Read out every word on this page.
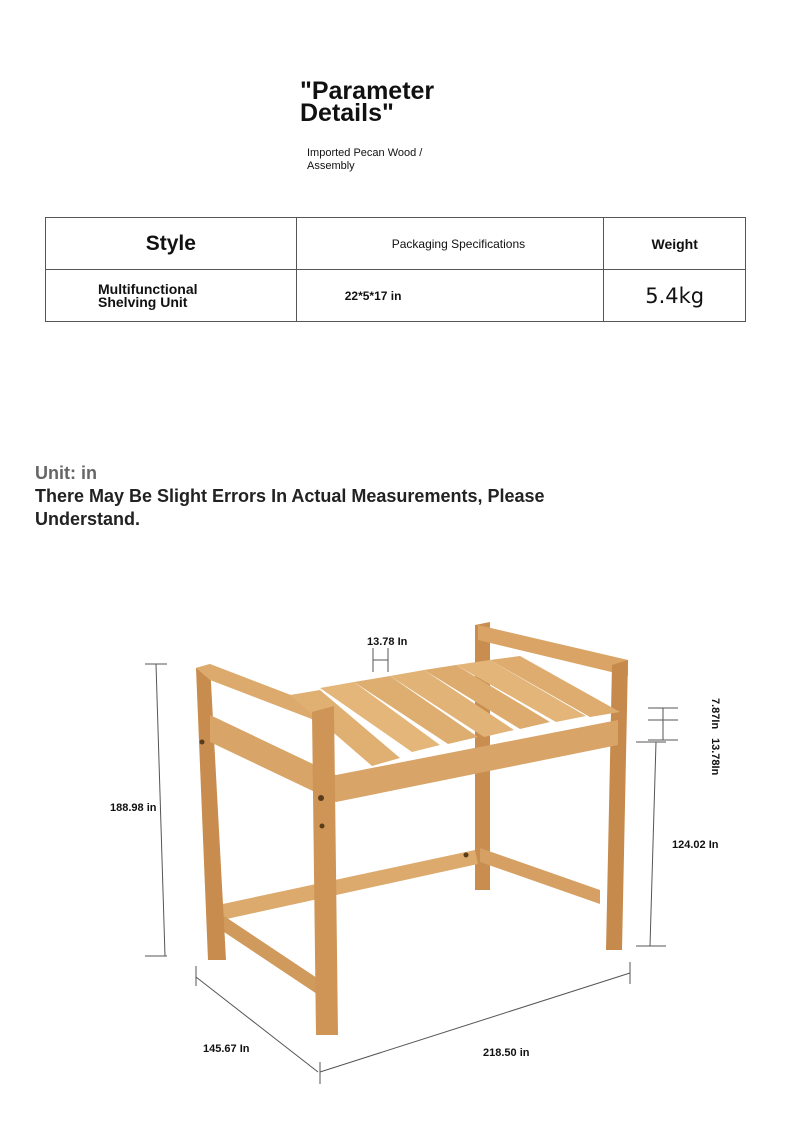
"Parameter Details"
Imported Pecan Wood / Assembly
Style	Packaging Specifications	Weight

Multifunctional Shelving Unit	22*5*17 in	5.4kg
Unit: in
There May Be Slight Errors In Actual Measurements, Please Understand.
13.78 In
188.98 in
124.02 In
145.67 In	218.50 in
7.87In
13.78In
